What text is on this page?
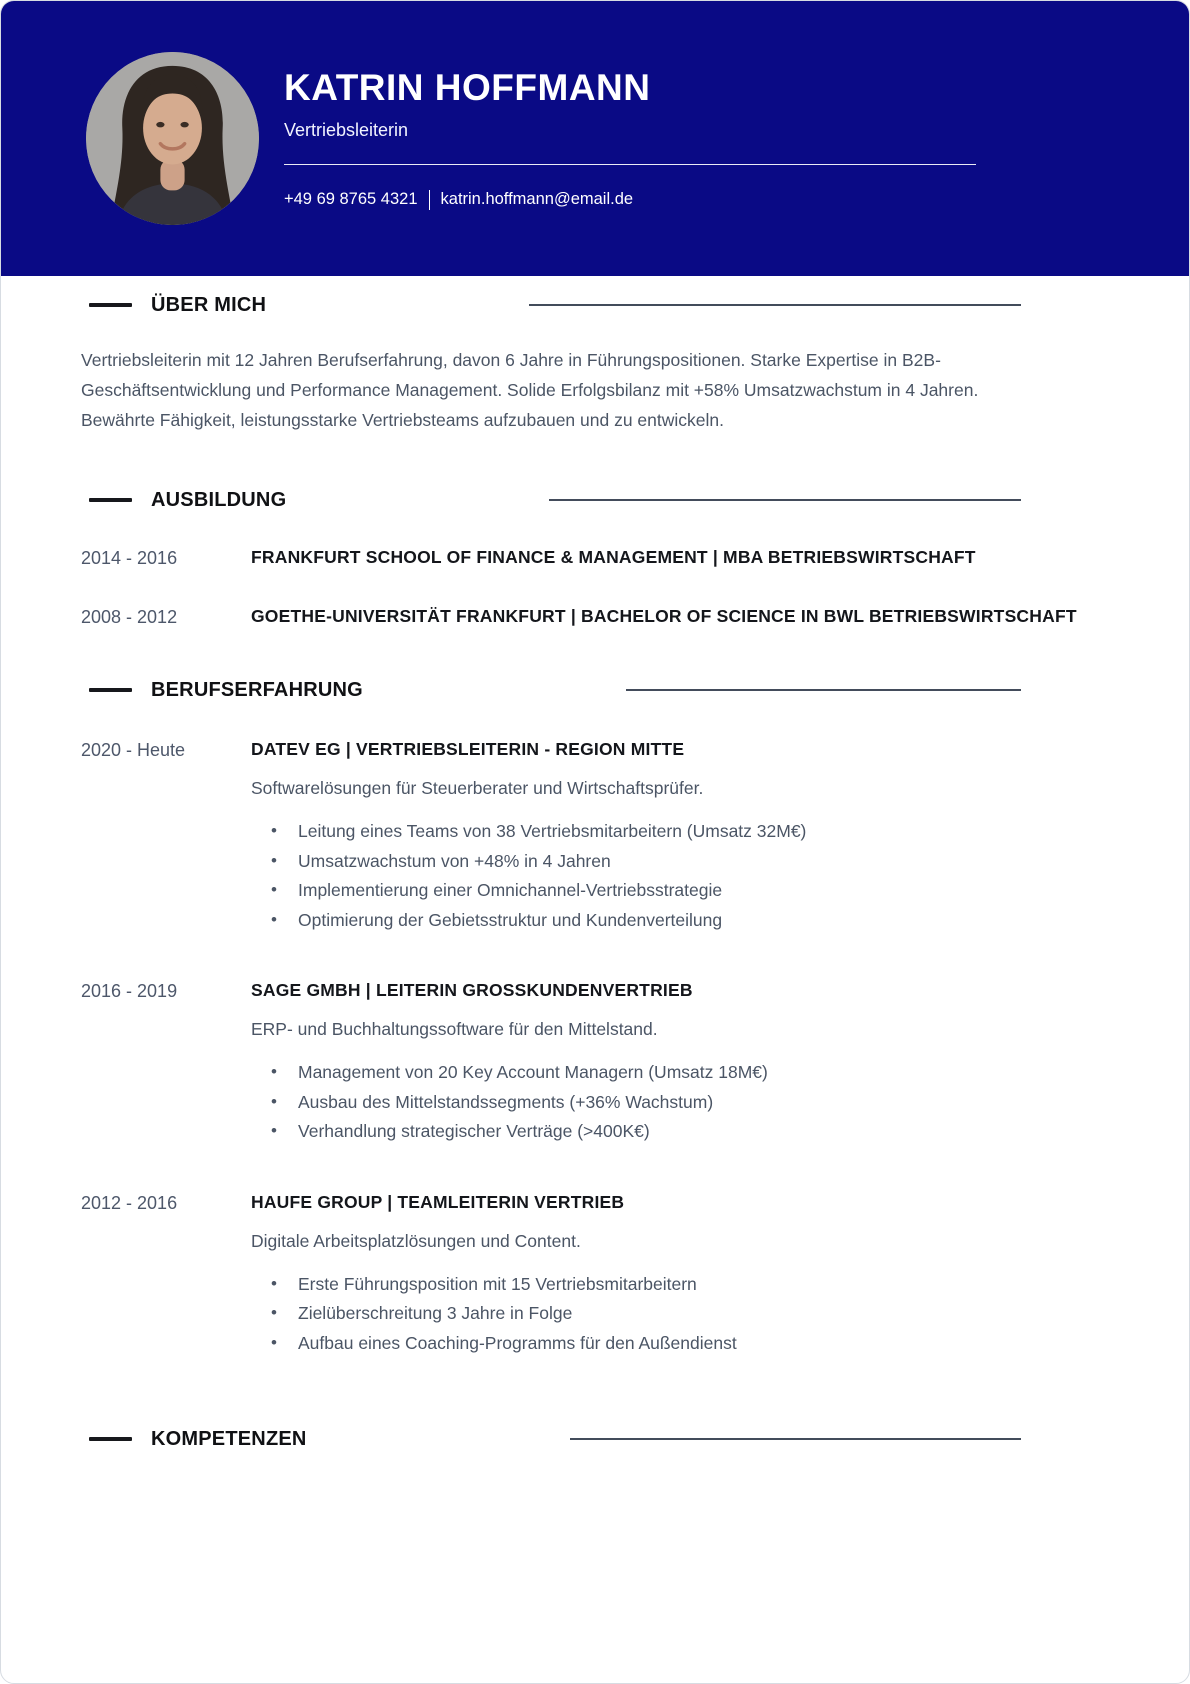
KATRIN HOFFMANN
Vertriebsleiterin
+49 69 8765 4321 katrin.hoffmann@email.de
ÜBER MICH

Vertriebsleiterin mit 12 Jahren Berufserfahrung, davon 6 Jahre in Führungspositionen. Starke Expertise in B2B-Geschäftsentwicklung und Performance Management. Solide Erfolgsbilanz mit +58% Umsatzwachstum in 4 Jahren. Bewährte Fähigkeit, leistungsstarke Vertriebsteams aufzubauen und zu entwickeln.

AUSBILDUNG
2014 - 2016	FRANKFURT SCHOOL OF FINANCE & MANAGEMENT | MBA BETRIEBSWIRTSCHAFT
2008 - 2012	GOETHE-UNIVERSITÄT FRANKFURT | BACHELOR OF SCIENCE IN BWL BETRIEBSWIRTSCHAFT
BERUFSERFAHRUNG
2020 - Heute	DATEV EG | VERTRIEBSLEITERIN - REGION MITTE
Softwarelösungen für Steuerberater und Wirtschaftsprüfer.
• Leitung eines Teams von 38 Vertriebsmitarbeitern (Umsatz 32M€)
• Umsatzwachstum von +48% in 4 Jahren
• Implementierung einer Omnichannel-Vertriebsstrategie
• Optimierung der Gebietsstruktur und Kundenverteilung
2016 - 2019	SAGE GMBH | LEITERIN GROSSKUNDENVERTRIEB
ERP- und Buchhaltungssoftware für den Mittelstand.
• Management von 20 Key Account Managern (Umsatz 18M€)
• Ausbau des Mittelstandssegments (+36% Wachstum)
• Verhandlung strategischer Verträge (>400K€)
2012 - 2016	HAUFE GROUP | TEAMLEITERIN VERTRIEB
Digitale Arbeitsplatzlösungen und Content.
• Erste Führungsposition mit 15 Vertriebsmitarbeitern
• Zielüberschreitung 3 Jahre in Folge
• Aufbau eines Coaching-Programms für den Außendienst
KOMPETENZEN
